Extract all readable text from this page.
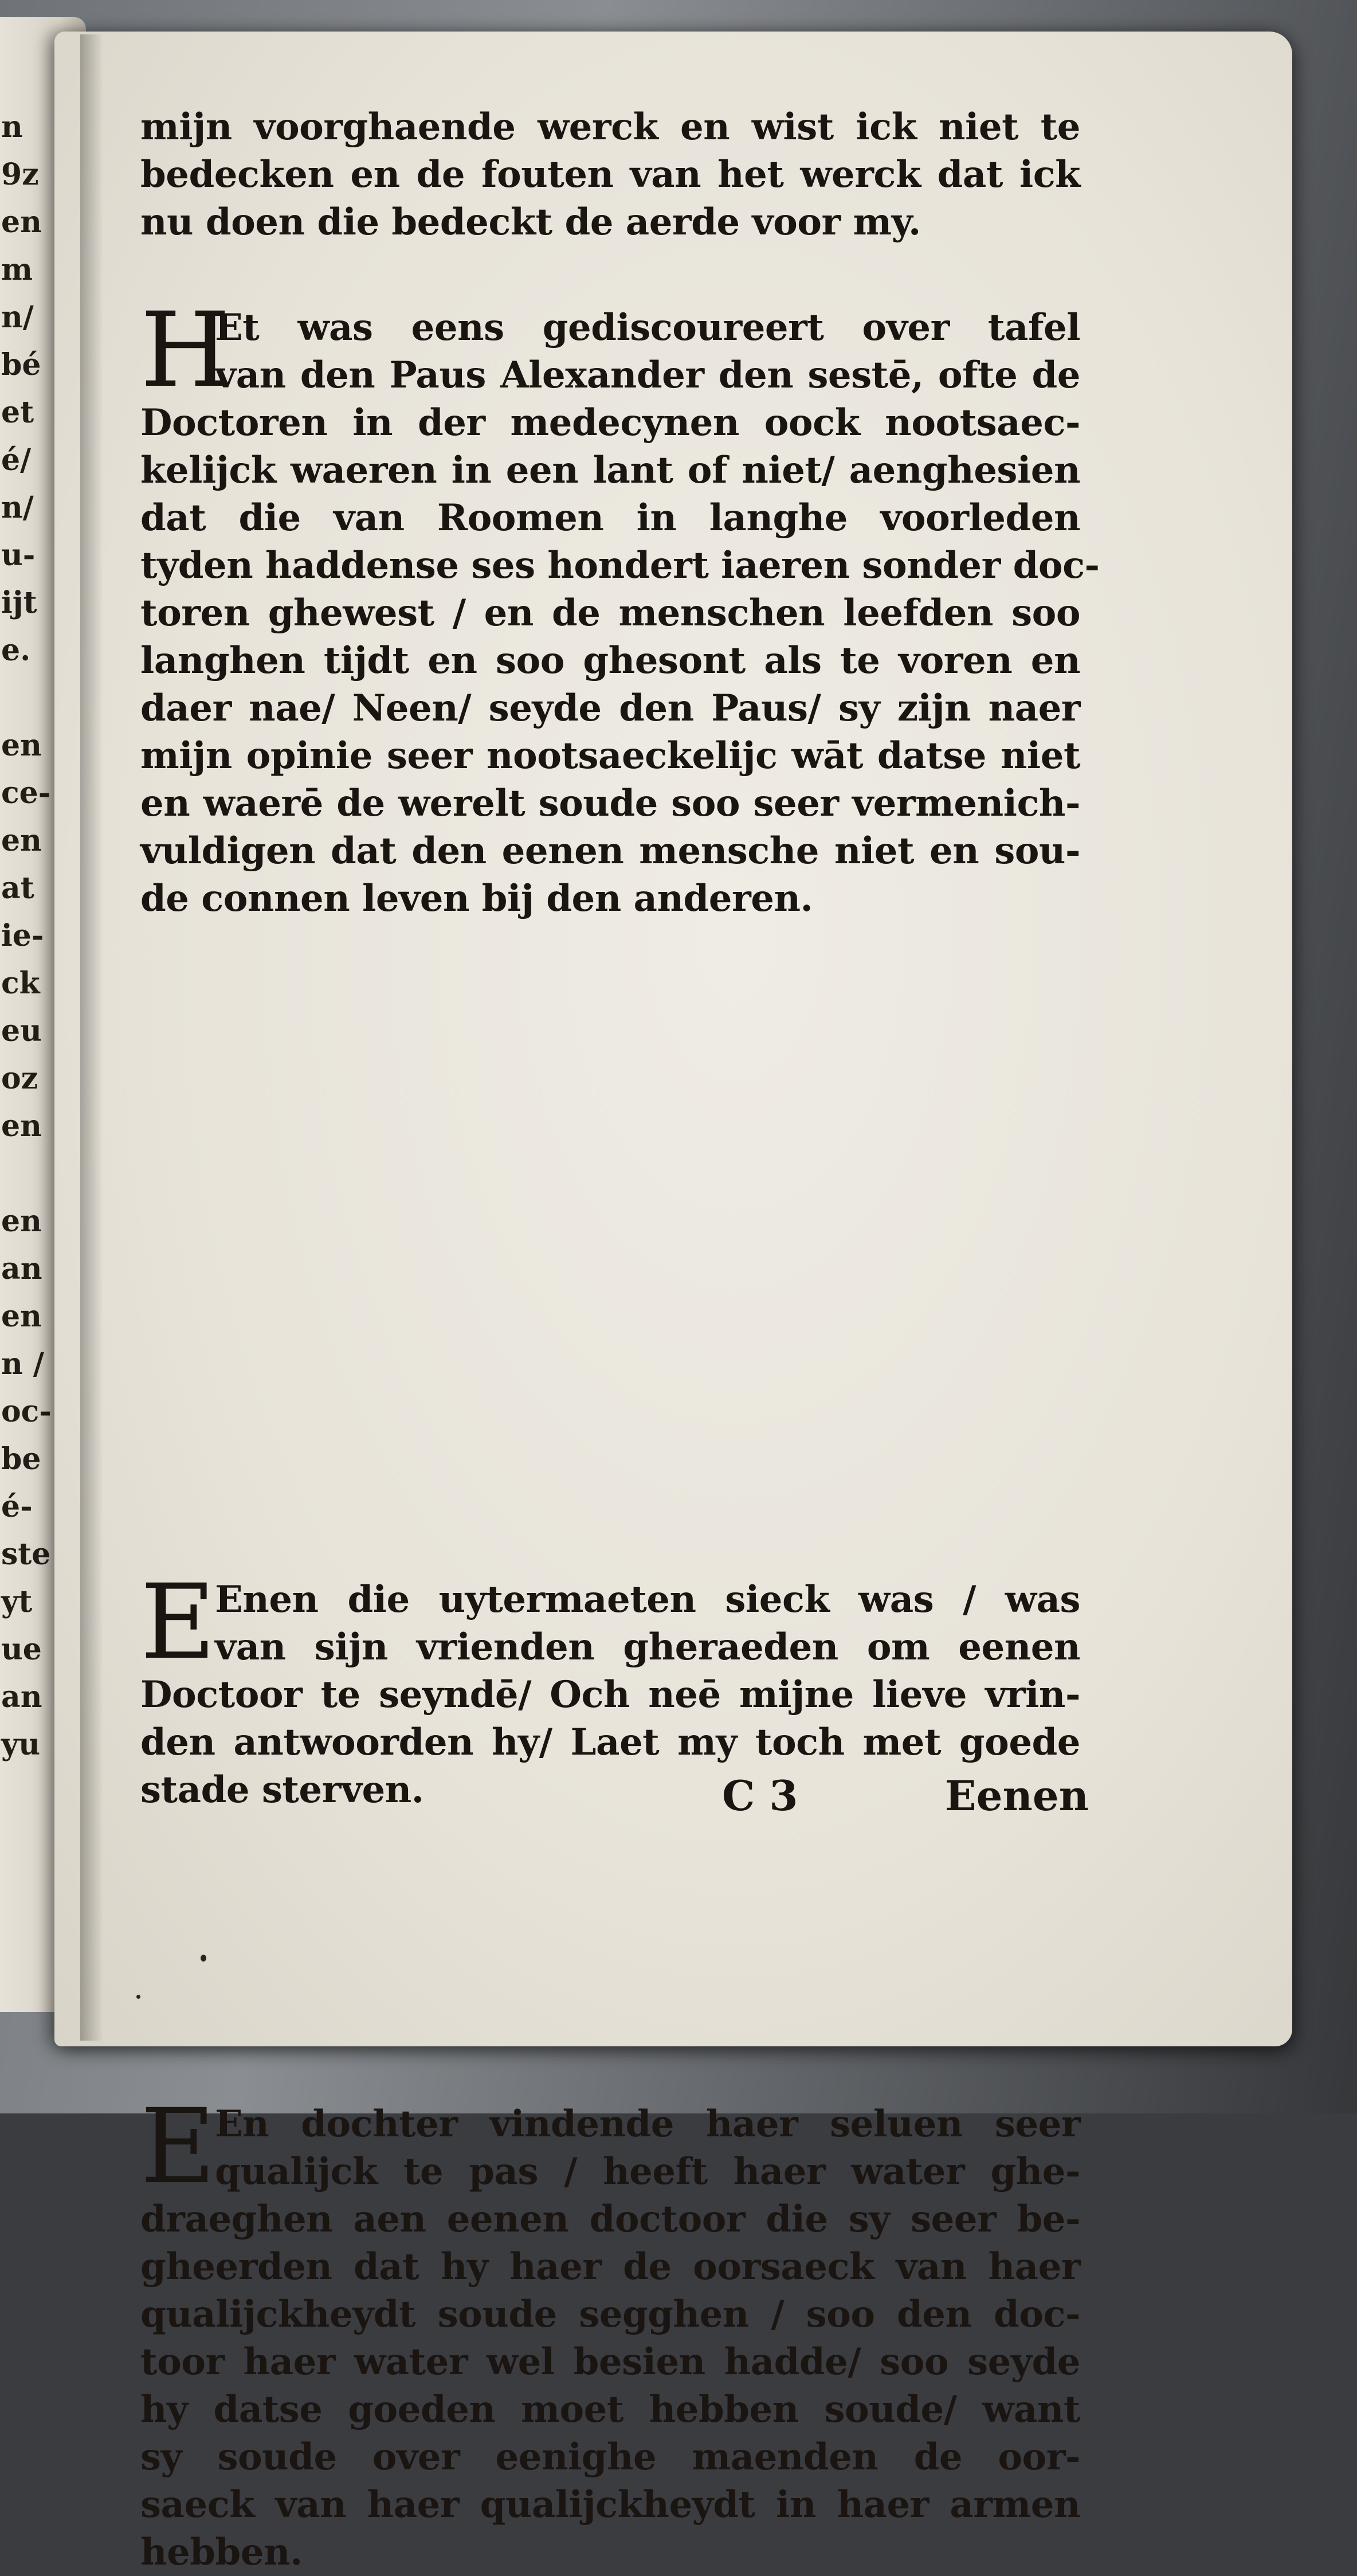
n
9z
en
m
n/
bé
et
é/
n/
u-
ijt
e.
en
ce-
en
at
ie-
ck
eu
oz
en
en
an
en
n /
oc-
be
é-
ste
yt
ue
an
yu
mijn voorghaende werck en wist ick niet te
bedecken en de fouten van het werck dat ick
nu doen die bedeckt de aerde voor my.
H
Et was eens gediscoureert over tafel
van den Paus Alexander den sestē, ofte de
Doctoren in der medecynen oock nootsaec-
kelijck waeren in een lant of niet/ aenghesien
dat die van Roomen in langhe voorleden
tyden haddense ses hondert iaeren sonder doc-
toren ghewest / en de menschen leefden soo
langhen tijdt en soo ghesont als te voren en
daer nae/ Neen/ seyde den Paus/ sy zijn naer
mijn opinie seer nootsaeckelijc wāt datse niet
en waerē de werelt soude soo seer vermenich-
vuldigen dat den eenen mensche niet en sou-
de connen leven bij den anderen.
E
Enen die uytermaeten sieck was / was
van sijn vrienden gheraeden om eenen
Doctoor te seyndē/ Och neē mijne lieve vrin-
den antwoorden hy/ Laet my toch met goede
stade sterven.
E
En dochter vindende haer seluen seer
qualijck te pas / heeft haer water ghe-
draeghen aen eenen doctoor die sy seer be-
gheerden dat hy haer de oorsaeck van haer
qualijckheydt soude segghen / soo den doc-
toor haer water wel besien hadde/ soo seyde
hy datse goeden moet hebben soude/ want
sy soude over eenighe maenden de oor-
saeck van haer qualijckheydt in haer armen
hebben.
C 3	Eenen
